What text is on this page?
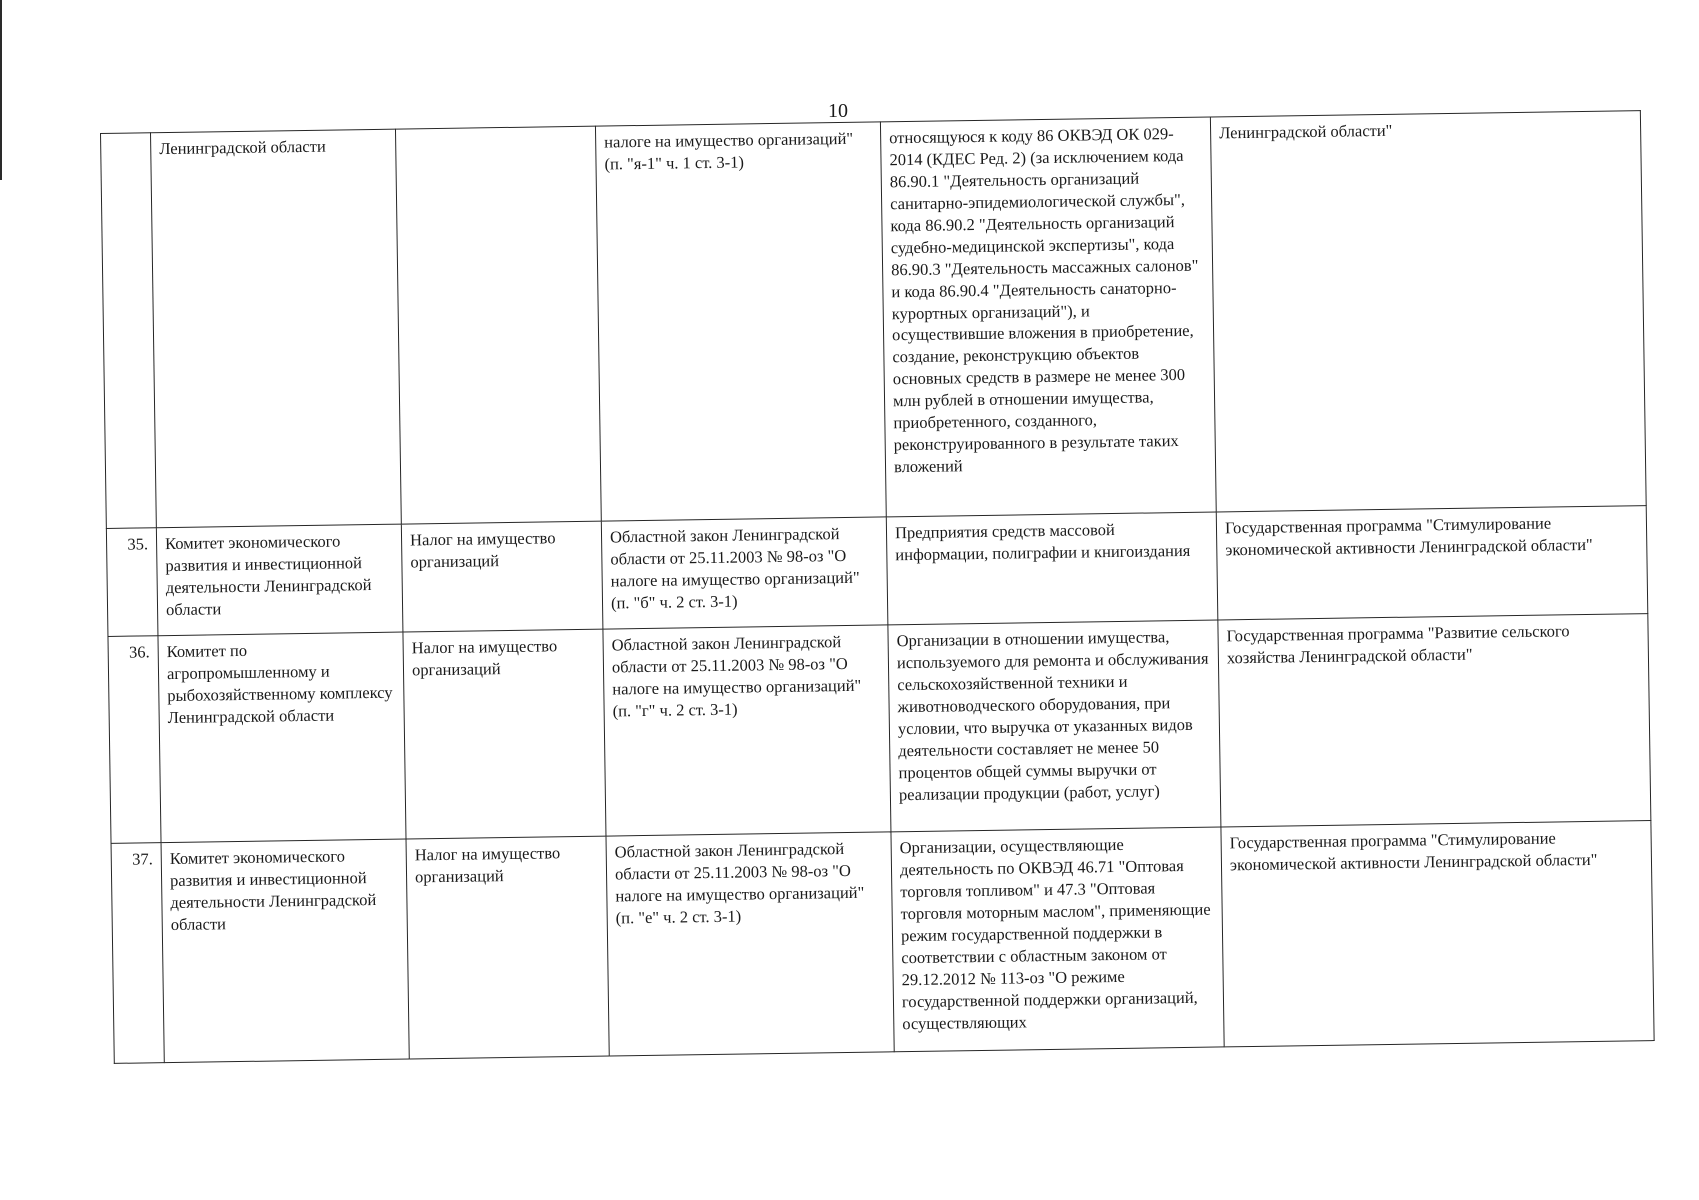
10
	Ленинградской области		налоге на имущество организаций" (п. "я-1" ч. 1 ст. 3-1)	относящуюся к коду 86 ОКВЭД ОК 029-2014 (КДЕС Ред. 2) (за исключением кода 86.90.1 "Деятельность организаций санитарно-эпидемиологической службы", кода 86.90.2 "Деятельность организаций судебно-медицинской экспертизы", кода 86.90.3 "Деятельность массажных салонов" и кода 86.90.4 "Деятельность санаторно-курортных организаций"), и осуществившие вложения в приобретение, создание, реконструкцию объектов основных средств в размере не менее 300 млн рублей в отношении имущества, приобретенного, созданного, реконструированного в результате таких вложений	Ленинградской области"
35.	Комитет экономического развития и инвестиционной деятельности Ленинградской области	Налог на имущество организаций	Областной закон Ленинградской области от 25.11.2003 № 98-оз "О налоге на имущество организаций" (п. "б" ч. 2 ст. 3-1)	Предприятия средств массовой информации, полиграфии и книгоиздания	Государственная программа "Стимулирование экономической активности Ленинградской области"
36.	Комитет по агропромышленному и рыбохозяйственному комплексу Ленинградской области	Налог на имущество организаций	Областной закон Ленинградской области от 25.11.2003 № 98-оз "О налоге на имущество организаций" (п. "г" ч. 2 ст. 3-1)	Организации в отношении имущества, используемого для ремонта и обслуживания сельскохозяйственной техники и животноводческого оборудования, при условии, что выручка от указанных видов деятельности составляет не менее 50 процентов общей суммы выручки от реализации продукции (работ, услуг)	Государственная программа "Развитие сельского хозяйства Ленинградской области"
37.	Комитет экономического развития и инвестиционной деятельности Ленинградской области	Налог на имущество организаций	Областной закон Ленинградской области от 25.11.2003 № 98-оз "О налоге на имущество организаций" (п. "е" ч. 2 ст. 3-1)	Организации, осуществляющие деятельность по ОКВЭД 46.71 "Оптовая торговля топливом" и 47.3 "Оптовая торговля моторным маслом", применяющие режим государственной поддержки в соответствии с областным законом от 29.12.2012 № 113-оз "О режиме государственной поддержки организаций, осуществляющих	Государственная программа "Стимулирование экономической активности Ленинградской области"
